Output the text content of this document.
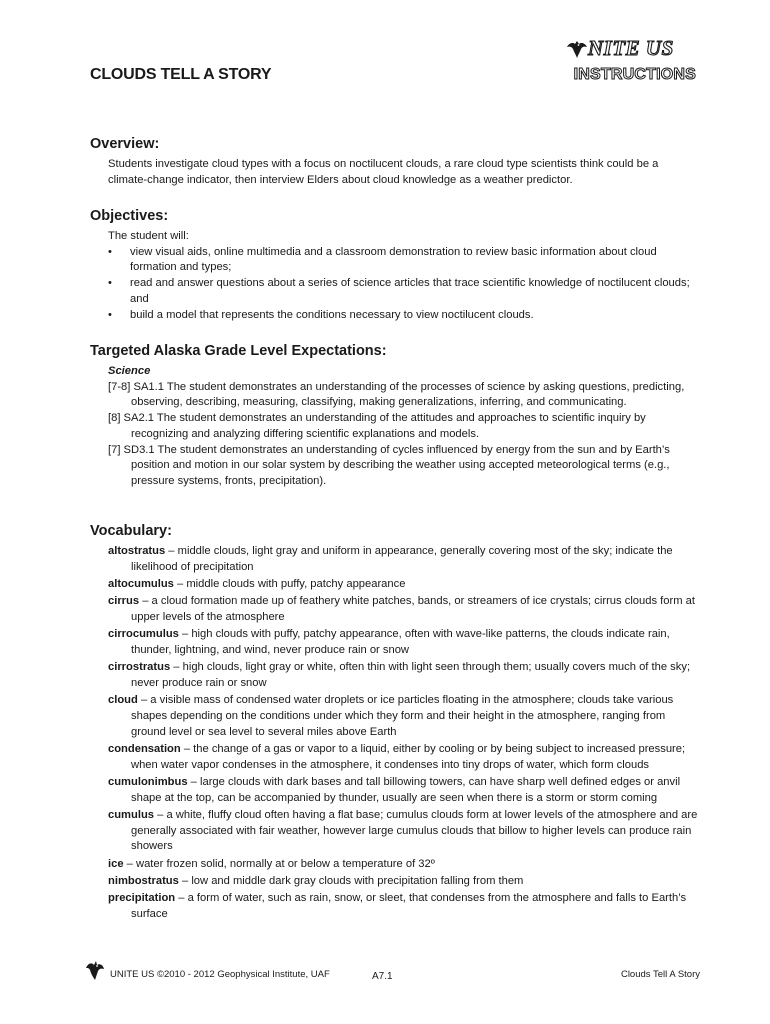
CLOUDS TELL A STORY
NITE US
INSTRUCTIONS
Overview:

Students investigate cloud types with a focus on noctilucent clouds, a rare cloud type scientists think could be a climate-change indicator, then interview Elders about cloud knowledge as a weather predictor.

Objectives:

The student will:

• view visual aids, online multimedia and a classroom demonstration to review basic information about cloud formation and types;
• read and answer questions about a series of science articles that trace scientific knowledge of noctilucent clouds; and
• build a model that represents the conditions necessary to view noctilucent clouds.
Targeted Alaska Grade Level Expectations:

Science

[7-8] SA1.1 The student demonstrates an understanding of the processes of science by asking questions, predicting, observing, describing, measuring, classifying, making generalizations, inferring, and communicating.

[8] SA2.1 The student demonstrates an understanding of the attitudes and approaches to scientific inquiry by recognizing and analyzing differing scientific explanations and models.

[7] SD3.1 The student demonstrates an understanding of cycles influenced by energy from the sun and by Earth’s position and motion in our solar system by describing the weather using accepted meteorological terms (e.g., pressure systems, fronts, precipitation).

Vocabulary:

altostratus – middle clouds, light gray and uniform in appearance, generally covering most of the sky; indicate the likelihood of precipitation

altocumulus – middle clouds with puffy, patchy appearance

cirrus – a cloud formation made up of feathery white patches, bands, or streamers of ice crystals; cirrus clouds form at upper levels of the atmosphere

cirrocumulus – high clouds with puffy, patchy appearance, often with wave-like patterns, the clouds indicate rain, thunder, lightning, and wind, never produce rain or snow

cirrostratus – high clouds, light gray or white, often thin with light seen through them; usually covers much of the sky; never produce rain or snow

cloud – a visible mass of condensed water droplets or ice particles floating in the atmosphere; clouds take various shapes depending on the conditions under which they form and their height in the atmosphere, ranging from ground level or sea level to several miles above Earth

condensation – the change of a gas or vapor to a liquid, either by cooling or by being subject to increased pressure; when water vapor condenses in the atmosphere, it condenses into tiny drops of water, which form clouds

cumulonimbus – large clouds with dark bases and tall billowing towers, can have sharp well defined edges or anvil shape at the top, can be accompanied by thunder, usually are seen when there is a storm or storm coming

cumulus – a white, fluffy cloud often having a flat base; cumulus clouds form at lower levels of the atmosphere and are generally associated with fair weather, however large cumulus clouds that billow to higher levels can produce rain showers

ice – water frozen solid, normally at or below a temperature of 32º

nimbostratus – low and middle dark gray clouds with precipitation falling from them

precipitation – a form of water, such as rain, snow, or sleet, that condenses from the atmosphere and falls to Earth’s surface

UNITE US ©2010 - 2012 Geophysical Institute, UAF	A7.1	Clouds Tell A Story
